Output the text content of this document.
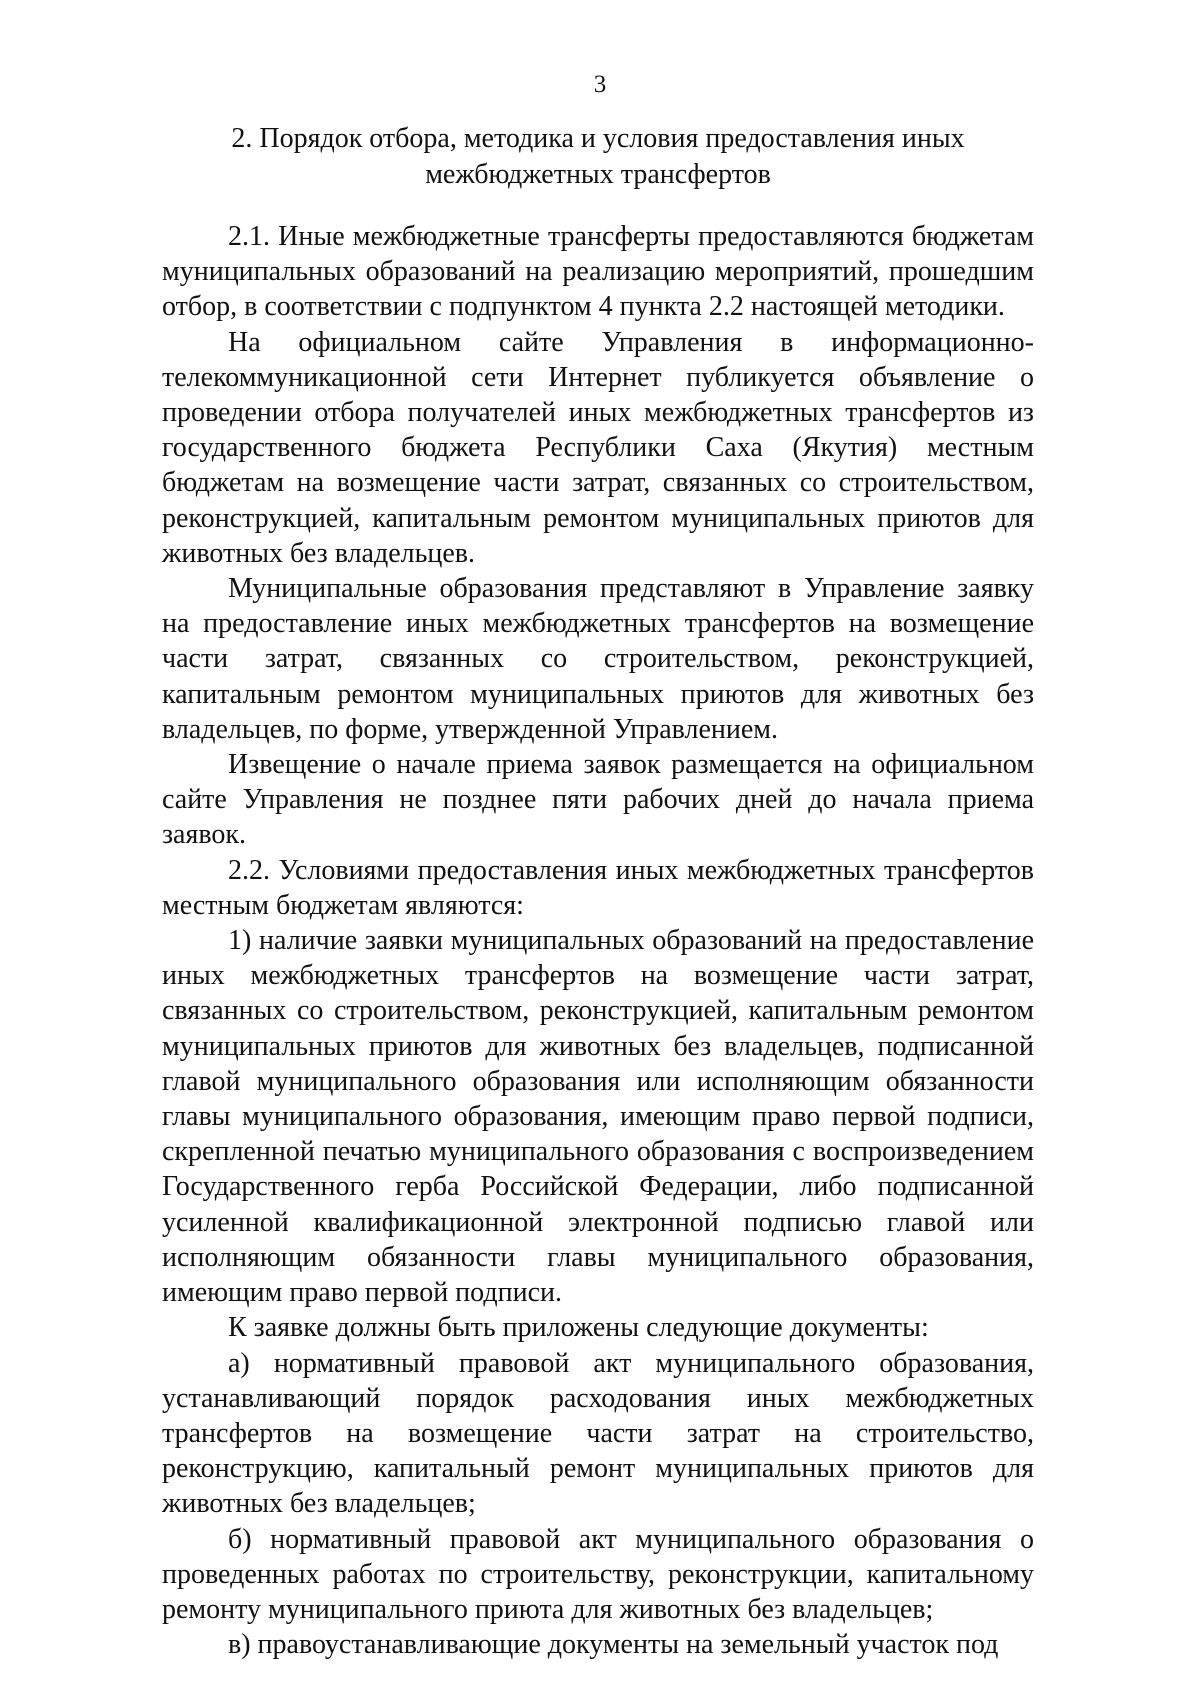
3
2. Порядок отбора, методика и условия предоставления иных межбюджетных трансфертов

2.1. Иные межбюджетные трансферты предоставляются бюджетам муниципальных образований на реализацию мероприятий, прошедшим отбор, в соответствии с подпунктом 4 пункта 2.2 настоящей методики.

На официальном сайте Управления в информационно-телекоммуникационной сети Интернет публикуется объявление о проведении отбора получателей иных межбюджетных трансфертов из государственного бюджета Республики Саха (Якутия) местным бюджетам на возмещение части затрат, связанных со строительством, реконструкцией, капитальным ремонтом муниципальных приютов для животных без владельцев.

Муниципальные образования представляют в Управление заявку на предоставление иных межбюджетных трансфертов на возмещение части затрат, связанных со строительством, реконструкцией, капитальным ремонтом муниципальных приютов для животных без владельцев, по форме, утвержденной Управлением.

Извещение о начале приема заявок размещается на официальном сайте Управления не позднее пяти рабочих дней до начала приема заявок.

2.2. Условиями предоставления иных межбюджетных трансфертов местным бюджетам являются:

1) наличие заявки муниципальных образований на предоставление иных межбюджетных трансфертов на возмещение части затрат, связанных со строительством, реконструкцией, капитальным ремонтом муниципальных приютов для животных без владельцев, подписанной главой муниципального образования или исполняющим обязанности главы муниципального образования, имеющим право первой подписи, скрепленной печатью муниципального образования с воспроизведением Государственного герба Российской Федерации, либо подписанной усиленной квалификационной электронной подписью главой или исполняющим обязанности главы муниципального образования, имеющим право первой подписи.

К заявке должны быть приложены следующие документы:

а) нормативный правовой акт муниципального образования, устанавливающий порядок расходования иных межбюджетных трансфертов на возмещение части затрат на строительство, реконструкцию, капитальный ремонт муниципальных приютов для животных без владельцев;

б) нормативный правовой акт муниципального образования о проведенных работах по строительству, реконструкции, капитальному ремонту муниципального приюта для животных без владельцев;

в) правоустанавливающие документы на земельный участок под
